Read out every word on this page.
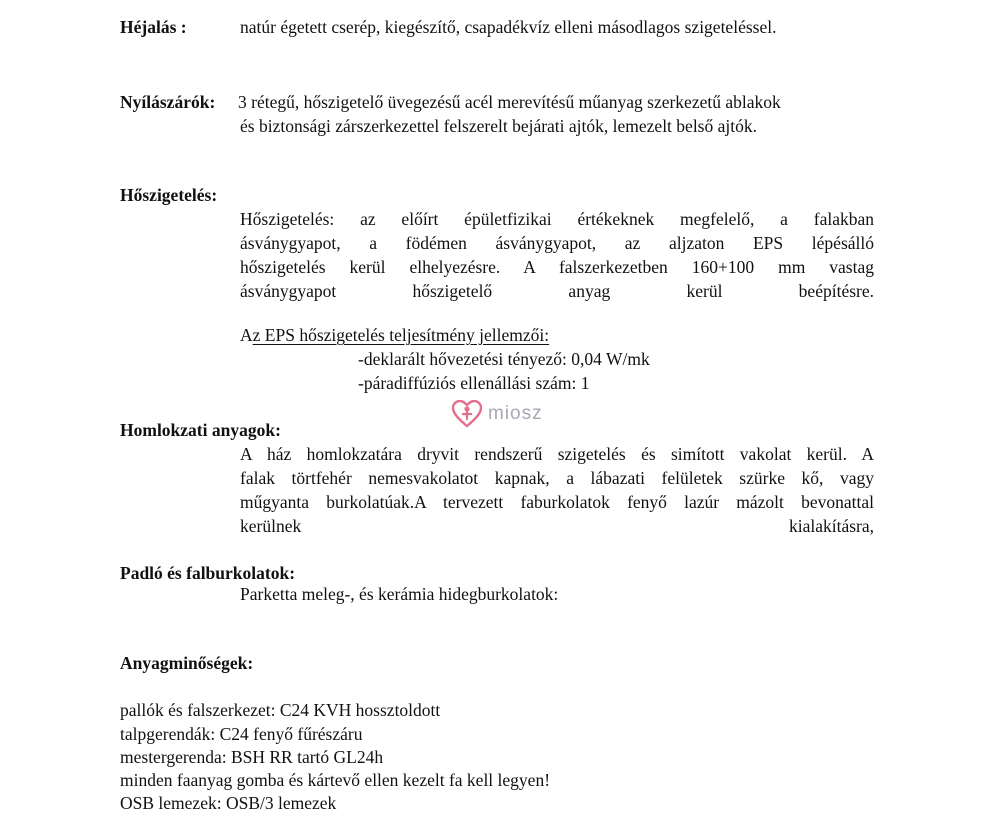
Héjalás :	natúr égetett cserép, kiegészítő, csapadékvíz elleni másodlagos szigeteléssel.
Nyílászárók: 3 rétegű, hőszigetelő üvegezésű acél merevítésű műanyag szerkezetű ablakok
és biztonsági zárszerkezettel felszerelt bejárati ajtók, lemezelt belső ajtók.
Hőszigetelés:
Hőszigetelés: az előírt épületfizikai értékeknek megfelelő, a falakban
ásványgyapot, a födémen ásványgyapot, az aljzaton EPS lépésálló
hőszigetelés kerül elhelyezésre. A falszerkezetben 160+100 mm vastag
ásványgyapot hőszigetelő anyag kerül beépítésre.
Az EPS hőszigetelés teljesítmény jellemzői:
-deklarált hővezetési tényező: 0,04 W/mk
-páradiffúziós ellenállási szám: 1
miosz
Homlokzati anyagok:
A ház homlokzatára dryvit rendszerű szigetelés és simított vakolat kerül. A
falak törtfehér nemesvakolatot kapnak, a lábazati felületek szürke kő, vagy
műgyanta burkolatúak.A tervezett faburkolatok fenyő lazúr mázolt bevonattal
kerülnek kialakításra,
Padló és falburkolatok:
Parketta meleg-, és kerámia hidegburkolatok:
Anyagminőségek:
pallók és falszerkezet: C24 KVH hossztoldott
talpgerendák: C24 fenyő fűrészáru
mestergerenda: BSH RR tartó GL24h
minden faanyag gomba és kártevő ellen kezelt fa kell legyen!
OSB lemezek: OSB/3 lemezek
